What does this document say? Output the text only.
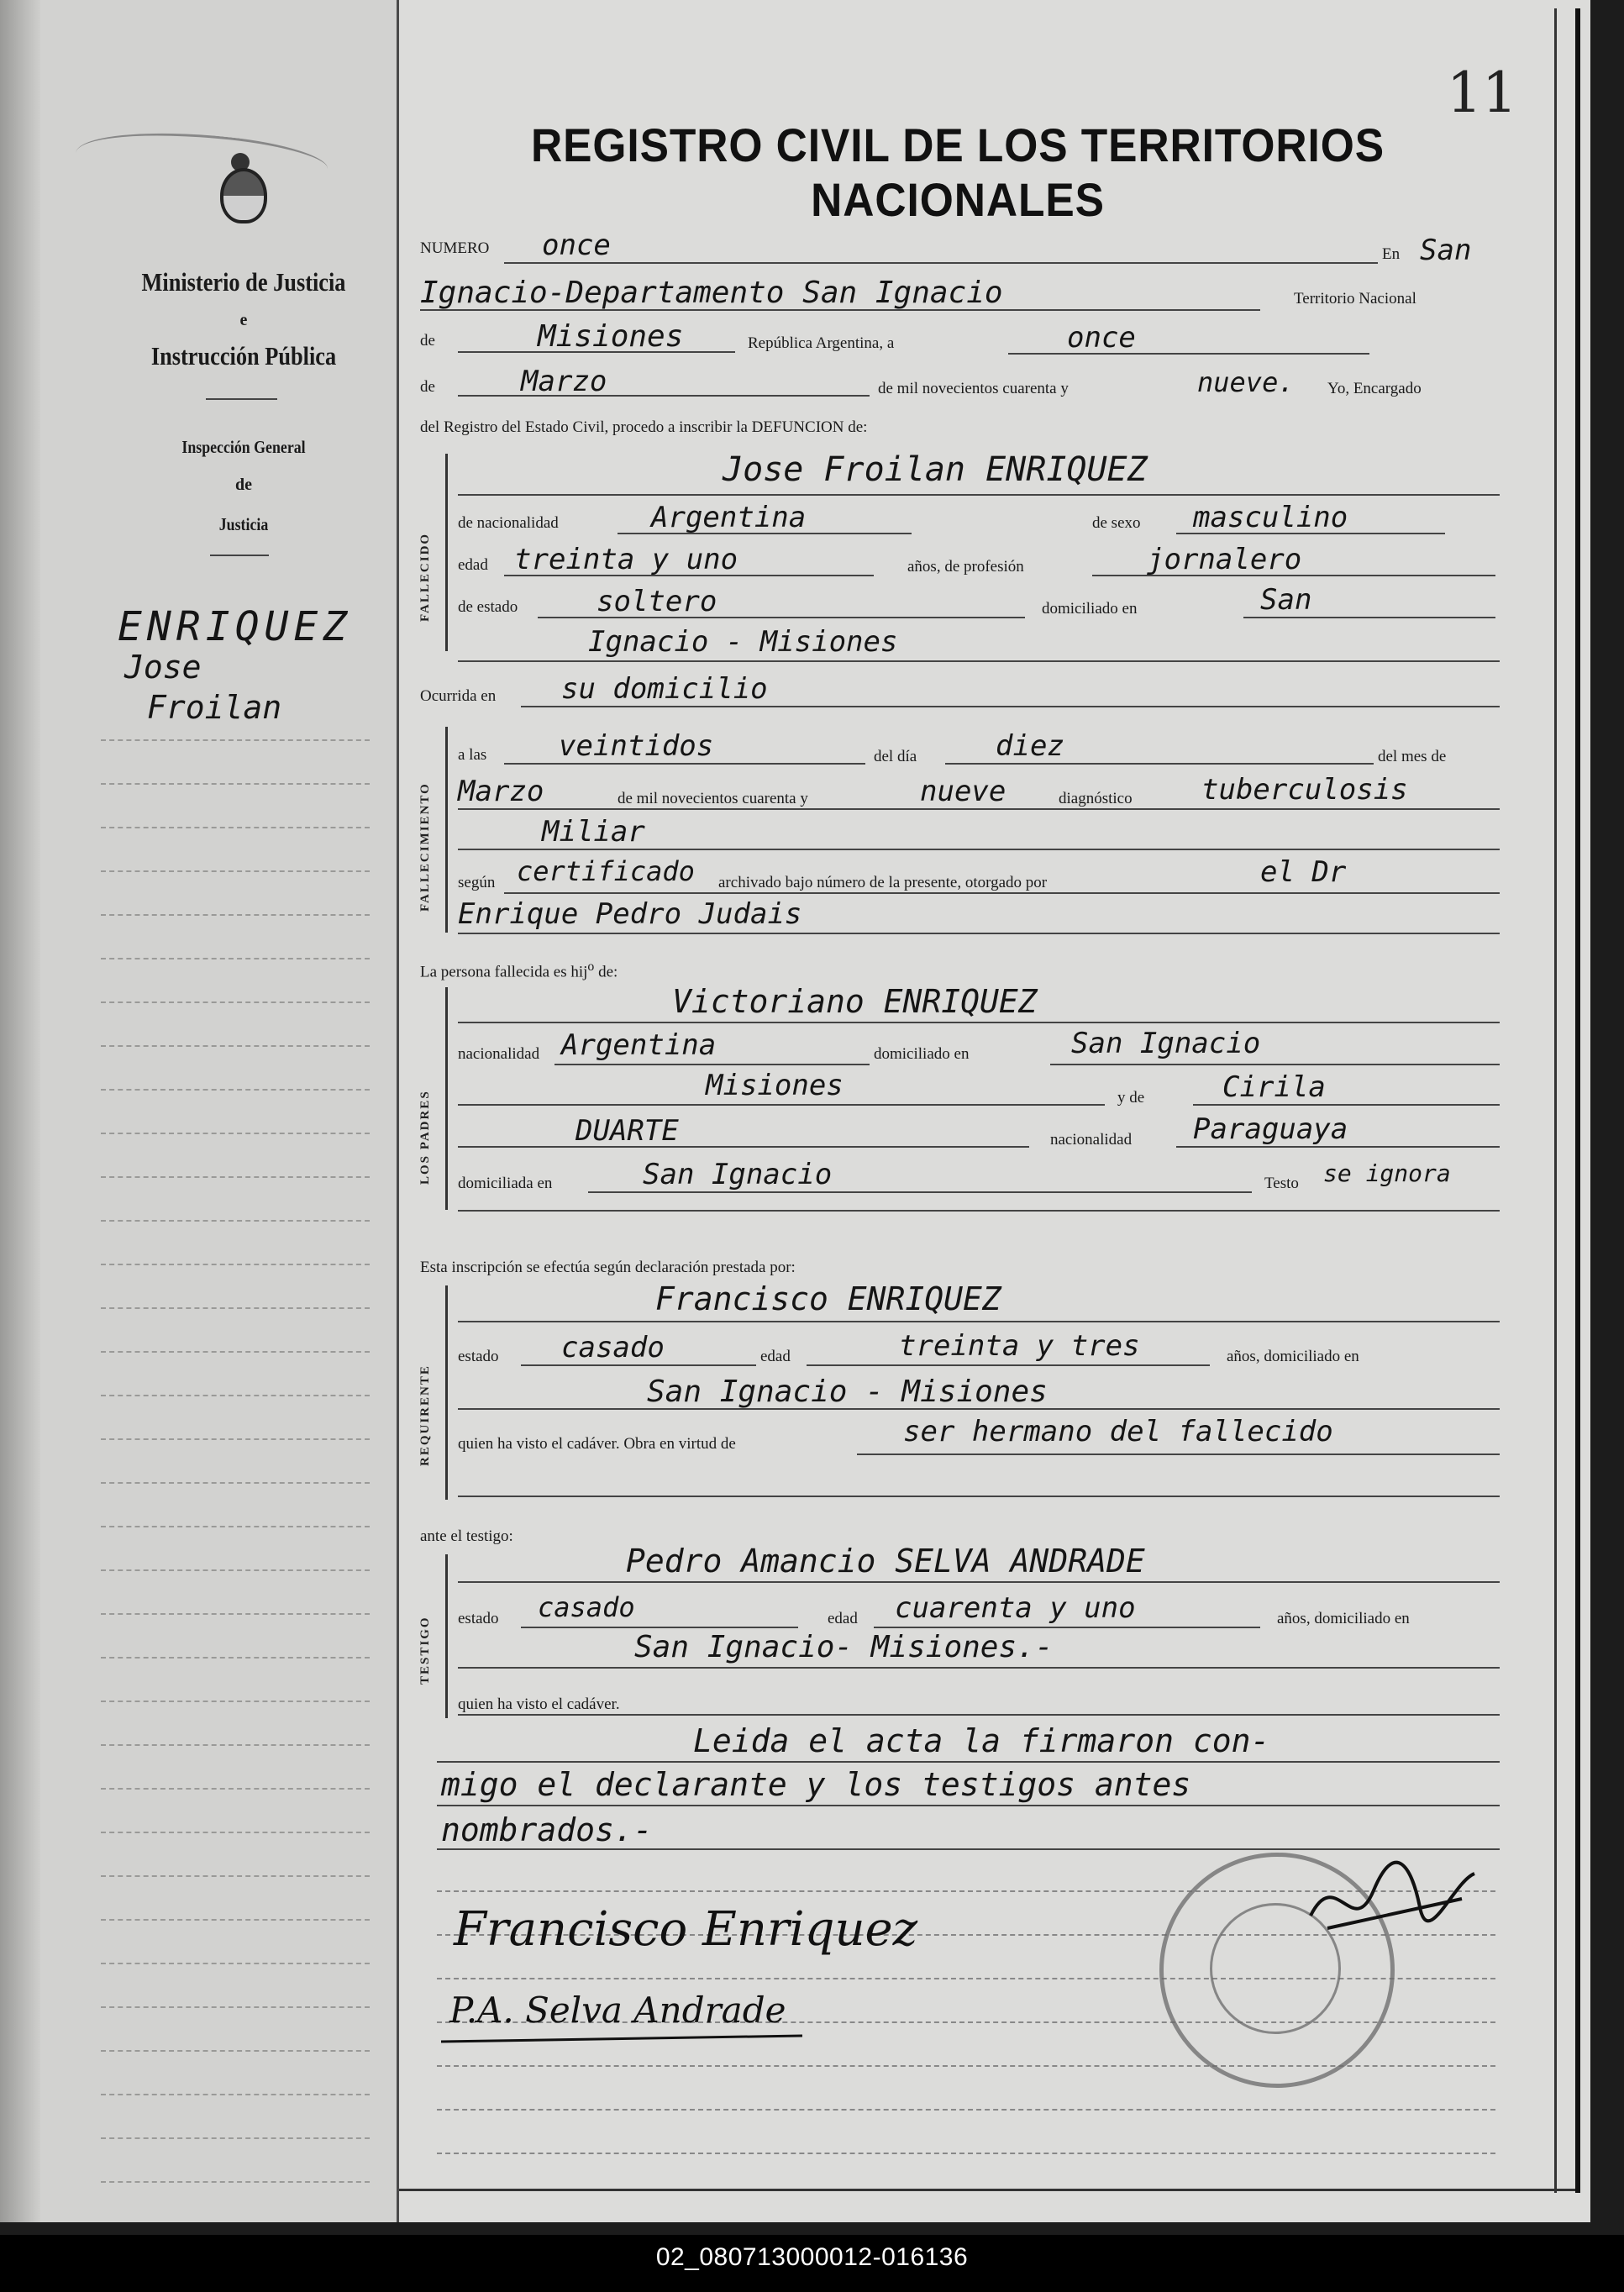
Ministerio de Justicia
e
Instrucción Pública
Inspección General
de
Justicia
ENRIQUEZ
Jose
Froilan
11
REGISTRO CIVIL DE LOS TERRITORIOS NACIONALES
NUMERO once	En San
Ignacio-Departamento San Ignacio	Territorio Nacional
de	Misiones	República Argentina, a	once
de	Marzo	de mil novecientos cuarenta y	nueve. Yo, Encargado
del Registro del Estado Civil, procedo a inscribir la DEFUNCION de:
FALLECIDO
Jose Froilan ENRIQUEZ
de nacionalidad	Argentina	de sexo masculino
edad treinta y uno	años, de profesión	jornalero
de estado	soltero	domiciliado en	San
Ignacio - Misiones
Ocurrida en su domicilio
FALLECIMIENTO
a las	veintidos	del día	diez	del mes de
Marzo	de mil novecientos cuarenta y	nueve	diagnóstico tuberculosis
Miliar
según certificado archivado bajo número de la presente, otorgado por	el Dr
Enrique Pedro Judais
La persona fallecida es hij$^o$ de:
LOS PADRES
Victoriano ENRIQUEZ
nacionalidad Argentina	domiciliado en	San Ignacio
Misiones	y de	Cirila
DUARTE	nacionalidad Paraguaya
domiciliada en	San Ignacio	Testo se ignora
Esta inscripción se efectúa según declaración prestada por:
REQUIRENTE
Francisco ENRIQUEZ
estado casado	edad	treinta y tres	años, domiciliado en
San Ignacio - Misiones
quien ha visto el cadáver. Obra en virtud de	ser hermano del fallecido
ante el testigo:
TESTIGO
Pedro Amancio SELVA ANDRADE
estado casado	edad cuarenta y uno	años, domiciliado en
San Ignacio- Misiones.-
quien ha visto el cadáver.
Leida el acta la firmaron con-
migo el declarante y los testigos antes
nombrados.-
Francisco Enriquez
P.A. Selva Andrade
02_080713000012-016136
